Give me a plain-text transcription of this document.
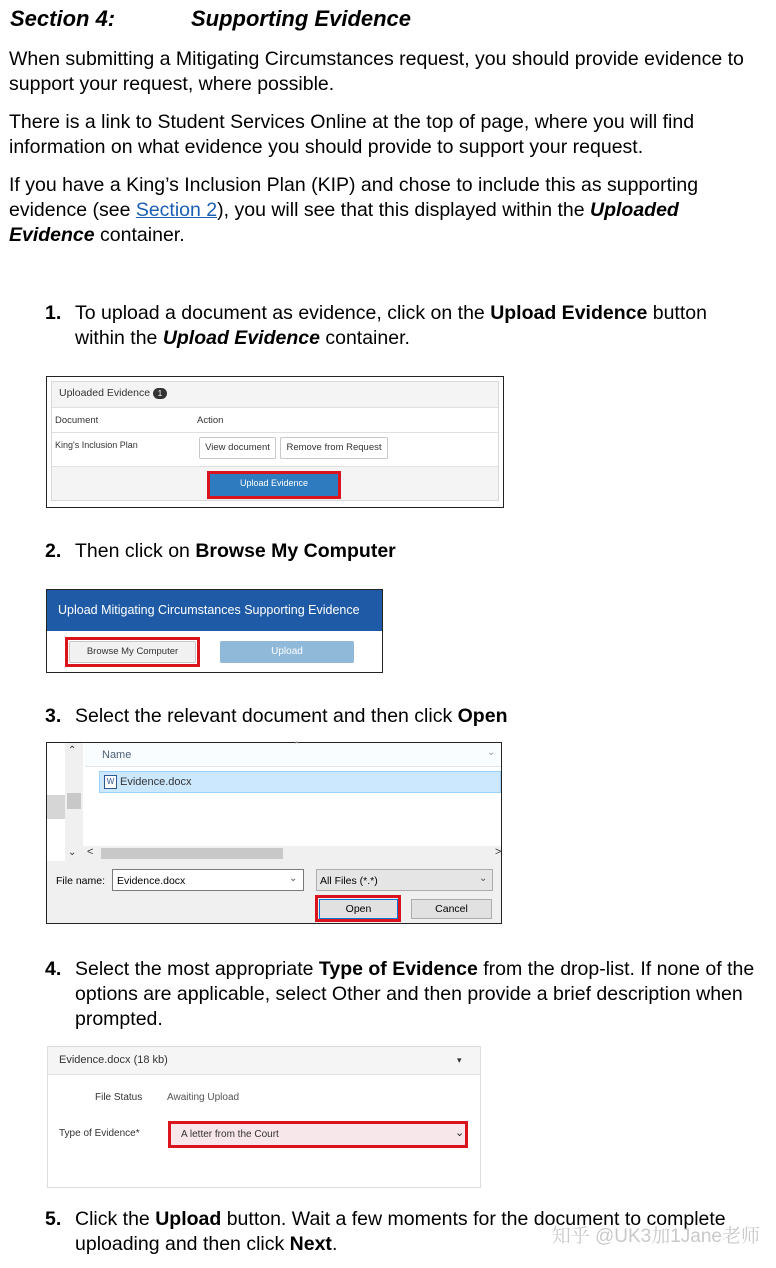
Section 4:	Supporting Evidence
When submitting a Mitigating Circumstances request, you should provide evidence to support your request, where possible.
There is a link to Student Services Online at the top of page, where you will find information on what evidence you should provide to support your request.
If you have a King’s Inclusion Plan (KIP) and chose to include this as supporting evidence (see Section 2), you will see that this displayed within the Uploaded Evidence container.
1. To upload a document as evidence, click on the Upload Evidence button within the Upload Evidence container.
Uploaded Evidence 1
Document	Action
King's Inclusion Plan	View document	Remove from Request
Upload Evidence
2. Then click on Browse My Computer
Upload Mitigating Circumstances Supporting Evidence
Browse My Computer	Upload
3. Select the relevant document and then click Open
⌃
⌄
Name
⌃
⌄
W Evidence.docx
<	>
File name: Evidence.docx	⌄ All Files (*.*)	⌄
Open	Cancel
4. Select the most appropriate Type of Evidence from the drop-list. If none of the options are applicable, select Other and then provide a brief description when prompted.
Evidence.docx (18 kb)	▾
File Status Awaiting Upload
Type of Evidence*	A letter from the Court	⌄
5. Click the Upload button. Wait a few moments for the document to complete uploading and then click Next.	知乎 @UK3加1Jane老师
